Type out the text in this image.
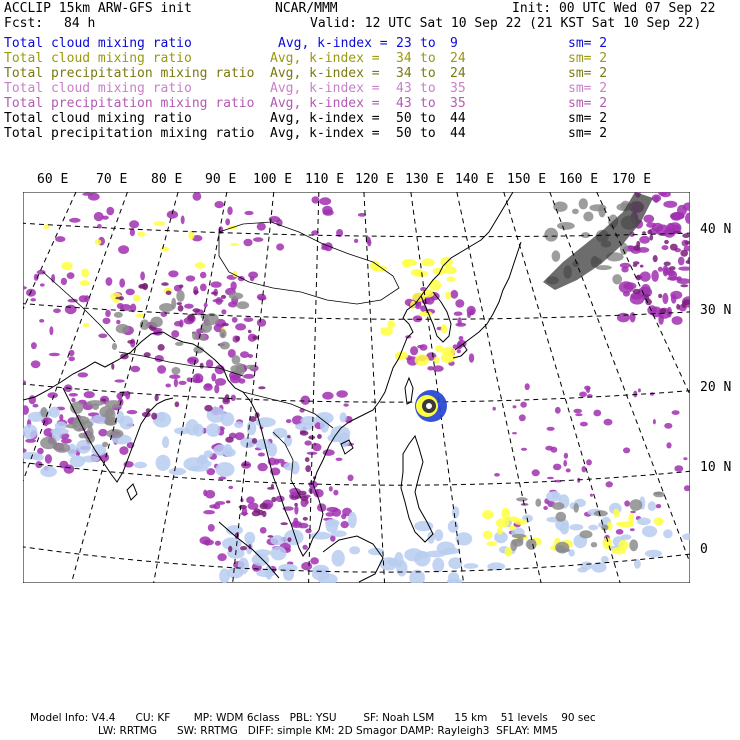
ACCLIP 15km ARW-GFS init	NCAR/MMM	Init: 00 UTC Wed 07 Sep 22
Fcst: 84 h	Valid: 12 UTC Sat 10 Sep 22 (21 KST Sat 10 Sep 22)
Total cloud mixing ratio	Avg, k-index = 23 to 9	sm= 2
Total cloud mixing ratio	Avg, k-index = 34 to 24	sm= 2
Total precipitation mixing ratio Avg, k-index = 34 to 24	sm= 2
Total cloud mixing ratio	Avg, k-index = 43 to 35	sm= 2
Total precipitation mixing ratio Avg, k-index = 43 to 35	sm= 2
Total cloud mixing ratio	Avg, k-index = 50 to 44	sm= 2
Total precipitation mixing ratio Avg, k-index = 50 to 44	sm= 2
60 E 70 E 80 E 90 E 100 E 110 E 120 E 130 E 140 E 150 E 160 E 170 E
40 N
30 N
20 N
10 N
0
Model Info: V4.4      CU: KF       MP: WDM 6class   PBL: YSU        SF: Noah LSM      15 km    51 levels    90 sec
LW: RRTMG      SW: RRTMG   DIFF: simple KM: 2D Smagor DAMP: Rayleigh3  SFLAY: MM5
